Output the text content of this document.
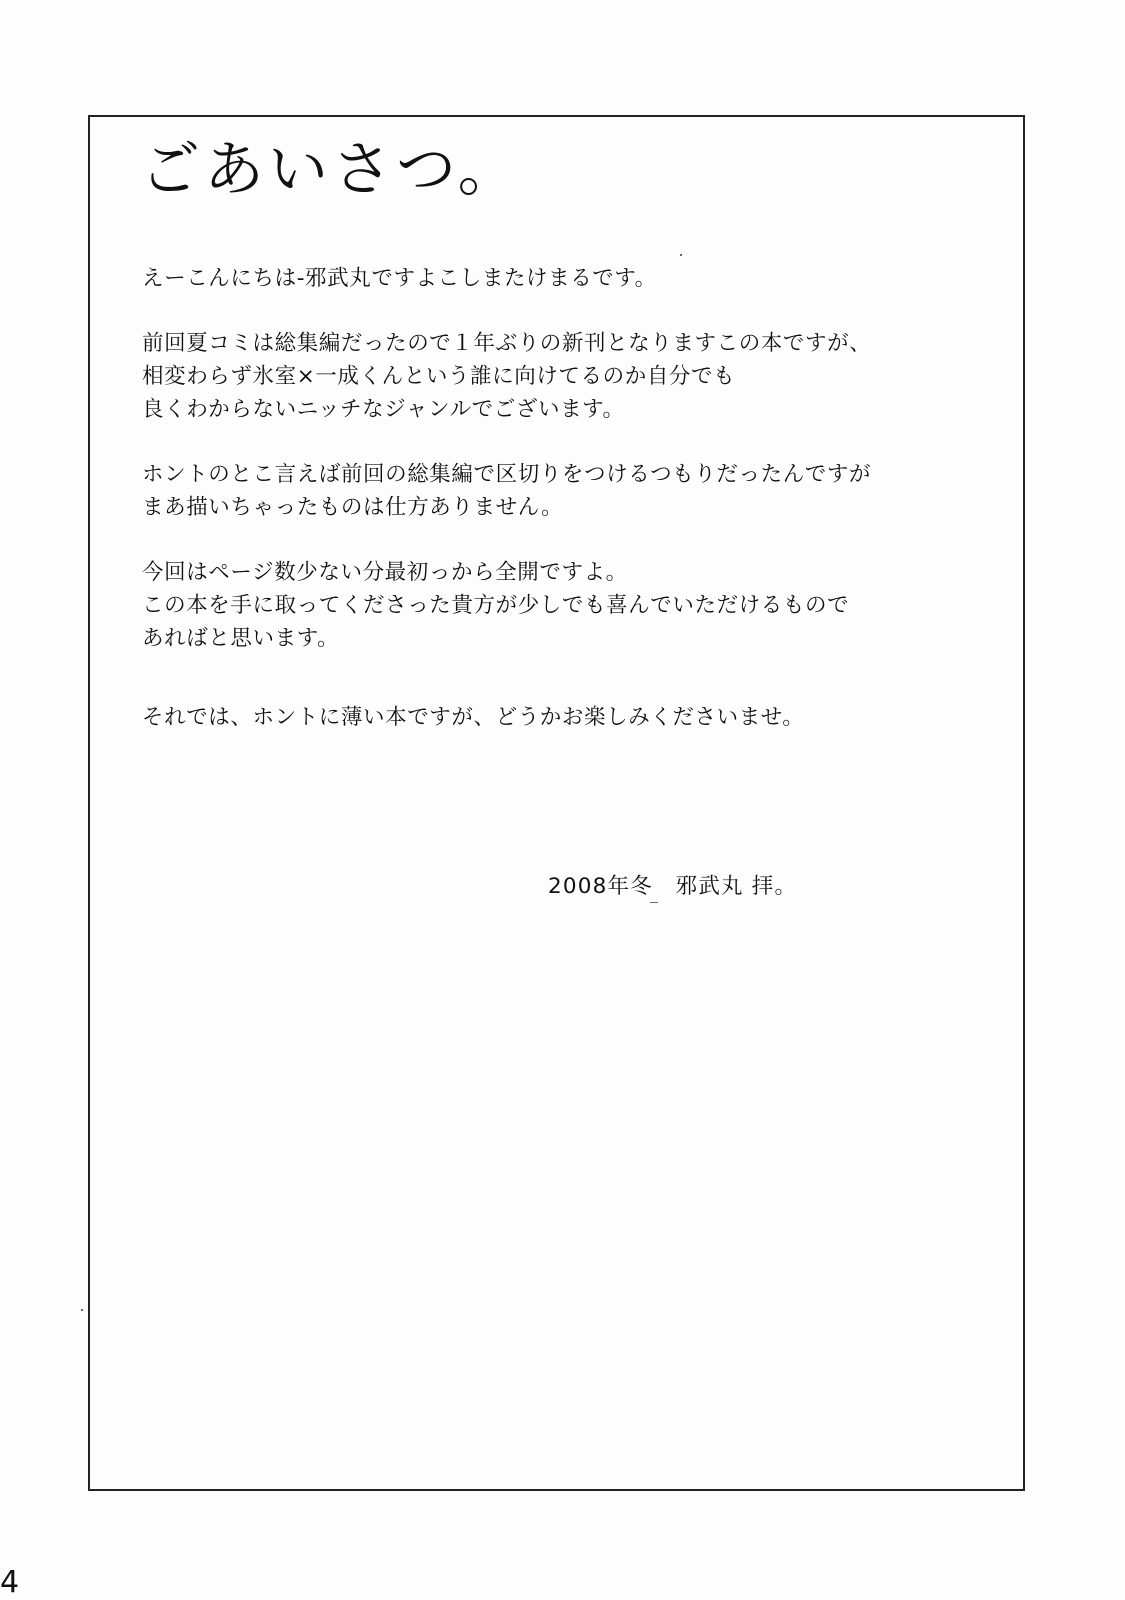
ごあいさつ。

えーこんにちは-邪武丸ですよこしまたけまるです。

前回夏コミは総集編だったので１年ぶりの新刊となりますこの本ですが、
相変わらず氷室×一成くんという誰に向けてるのか自分でも
良くわからないニッチなジャンルでございます。

ホントのとこ言えば前回の総集編で区切りをつけるつもりだったんですが
まあ描いちゃったものは仕方ありません。

今回はページ数少ない分最初っから全開ですよ。
この本を手に取ってくださった貴方が少しでも喜んでいただけるもので
あればと思います。

それでは、ホントに薄い本ですが、どうかお楽しみくださいませ。

2008年冬　邪武丸 拝。
4
